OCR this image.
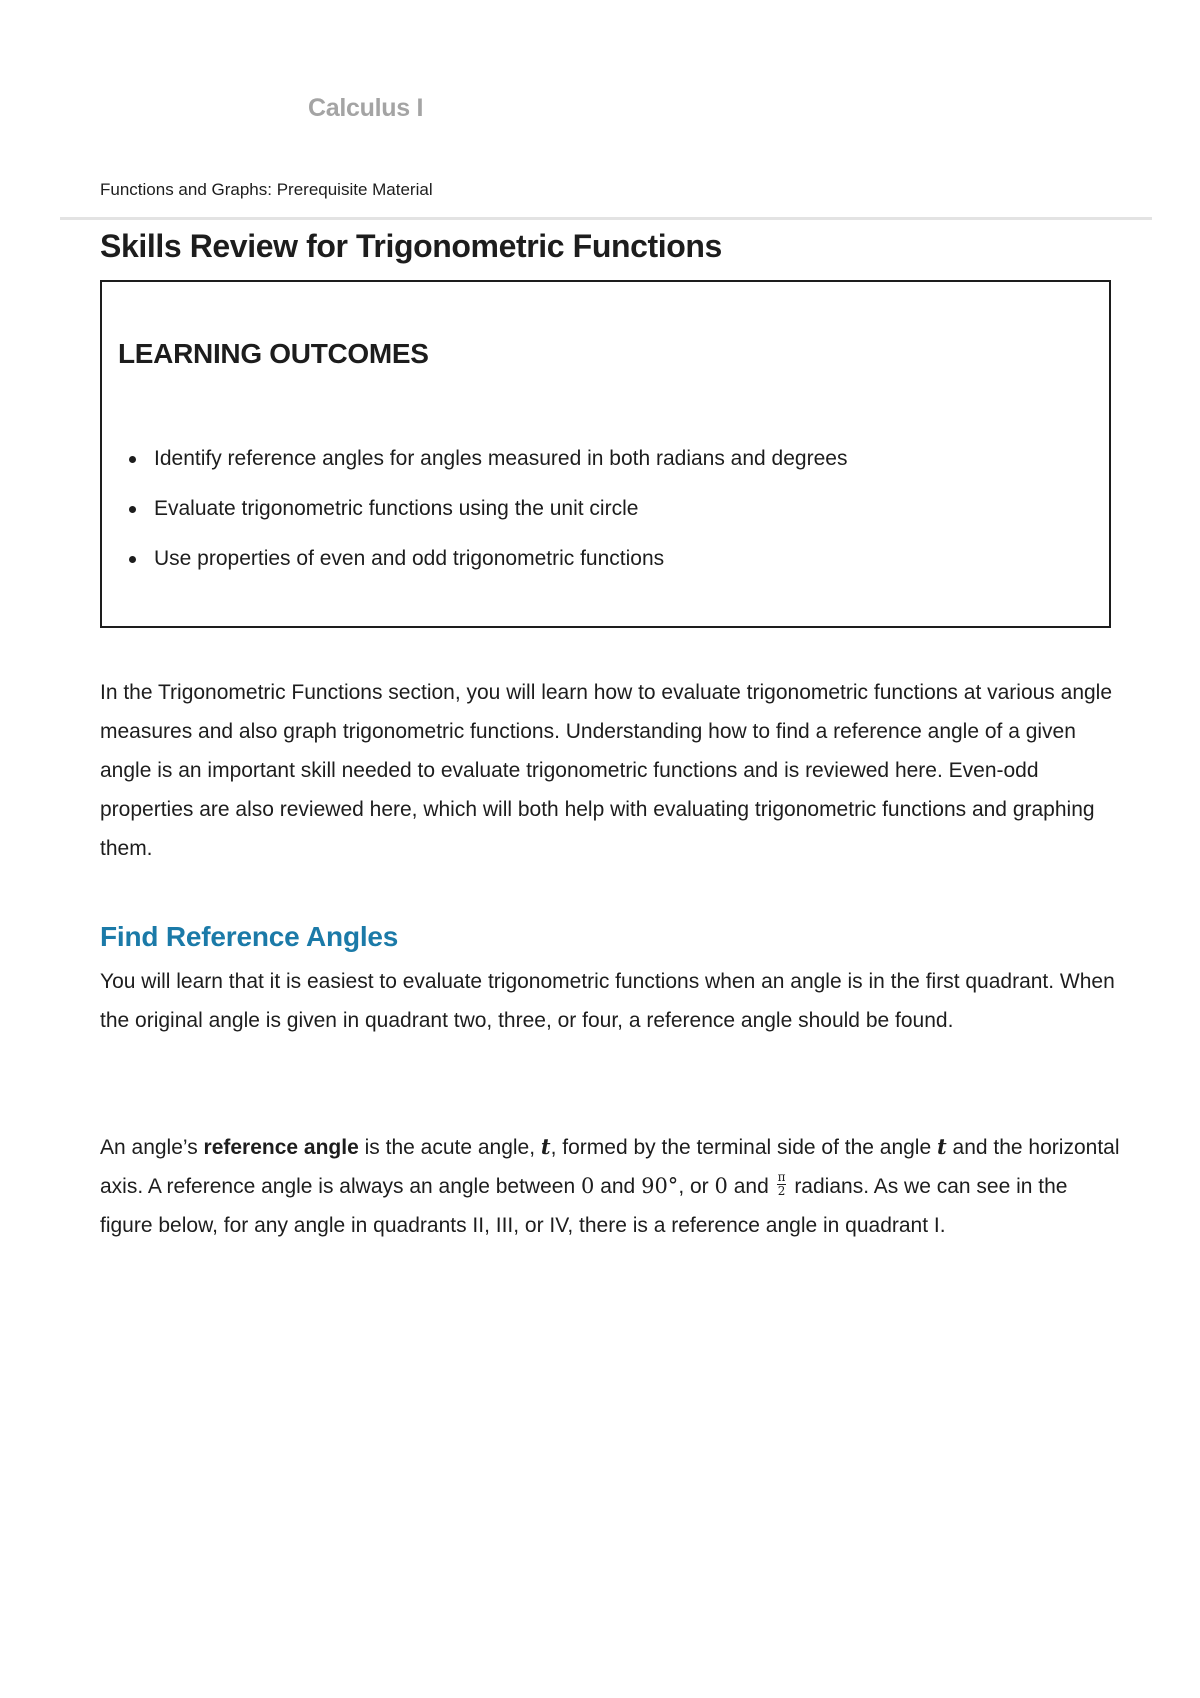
Calculus I
Functions and Graphs: Prerequisite Material
Skills Review for Trigonometric Functions
LEARNING OUTCOMES
Identify reference angles for angles measured in both radians and degrees
Evaluate trigonometric functions using the unit circle
Use properties of even and odd trigonometric functions

In the Trigonometric Functions section, you will learn how to evaluate trigonometric functions at various angle measures and also graph trigonometric functions. Understanding how to find a reference angle of a given angle is an important skill needed to evaluate trigonometric functions and is reviewed here. Even-odd properties are also reviewed here, which will both help with evaluating trigonometric functions and graphing them.

Find Reference Angles

You will learn that it is easiest to evaluate trigonometric functions when an angle is in the first quadrant. When the original angle is given in quadrant two, three, or four, a reference angle should be found.

An angle’s reference angle is the acute angle, t, formed by the terminal side of the angle t and the horizontal axis. A reference angle is always an angle between 0 and 90°, or 0 and $\frac{\pi}{2}$ radians. As we can see in the figure below, for any angle in quadrants II, III, or IV, there is a reference angle in quadrant I.
